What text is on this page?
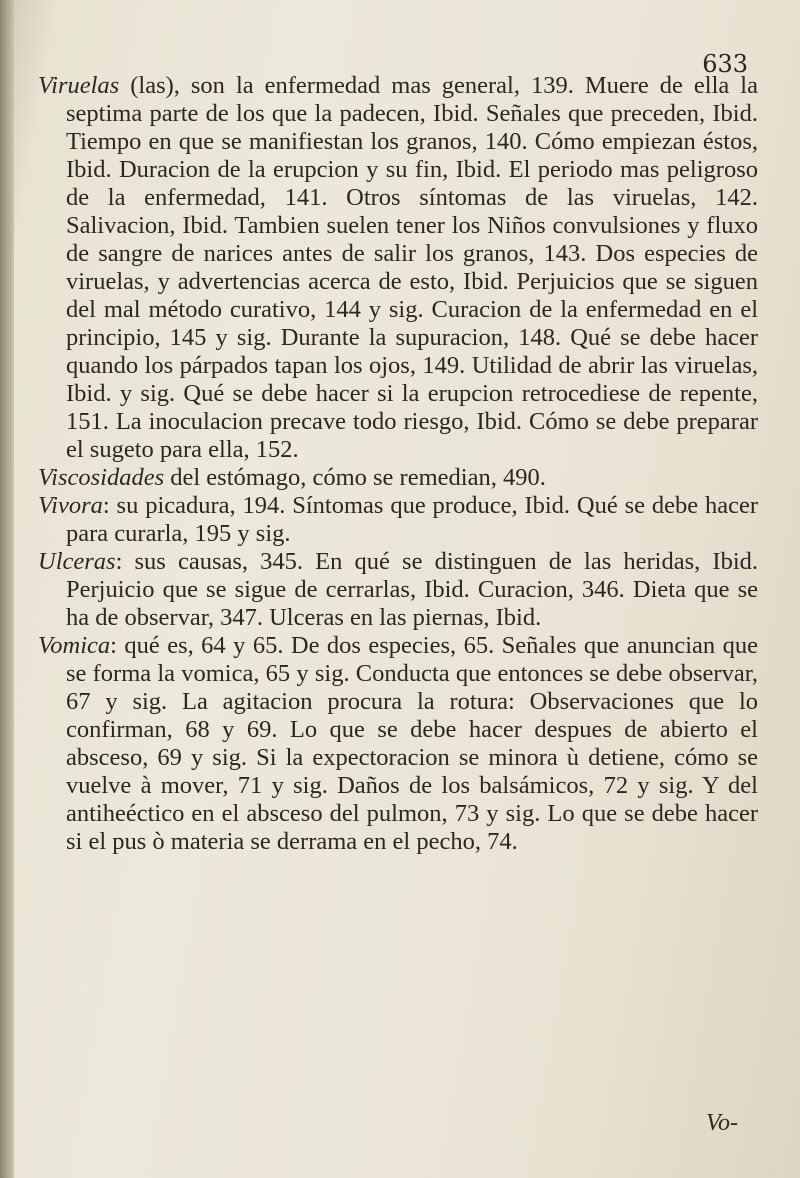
633

Viruelas (las), son la enfermedad mas general, 139. Muere de ella la septima parte de los que la padecen, Ibid. Señales que preceden, Ibid. Tiempo en que se manifiestan los granos, 140. Cómo empiezan éstos, Ibid. Duracion de la erupcion y su fin, Ibid. El periodo mas peligroso de la enfermedad, 141. Otros síntomas de las viruelas, 142. Salivacion, Ibid. Tambien suelen tener los Niños convulsiones y fluxo de sangre de narices antes de salir los granos, 143. Dos especies de viruelas, y advertencias acerca de esto, Ibid. Perjuicios que se siguen del mal método curativo, 144 y sig. Curacion de la enfermedad en el principio, 145 y sig. Durante la supuracion, 148. Qué se debe hacer quando los párpados tapan los ojos, 149. Utilidad de abrir las viruelas, Ibid. y sig. Qué se debe hacer si la erupcion retrocediese de repente, 151. La inoculacion precave todo riesgo, Ibid. Cómo se debe preparar el sugeto para ella, 152.

Viscosidades del estómago, cómo se remedian, 490.

Vivora: su picadura, 194. Síntomas que produce, Ibid. Qué se debe hacer para curarla, 195 y sig.

Ulceras: sus causas, 345. En qué se distinguen de las heridas, Ibid. Perjuicio que se sigue de cerrarlas, Ibid. Curacion, 346. Dieta que se ha de observar, 347. Ulceras en las piernas, Ibid.

Vomica: qué es, 64 y 65. De dos especies, 65. Señales que anuncian que se forma la vomica, 65 y sig. Conducta que entonces se debe observar, 67 y sig. La agitacion procura la rotura: Observaciones que lo confirman, 68 y 69. Lo que se debe hacer despues de abierto el absceso, 69 y sig. Si la expectoracion se minora ù detiene, cómo se vuelve à mover, 71 y sig. Daños de los balsámicos, 72 y sig. Y del antiheéctico en el absceso del pulmon, 73 y sig. Lo que se debe hacer si el pus ò materia se derrama en el pecho, 74.

Vo-
